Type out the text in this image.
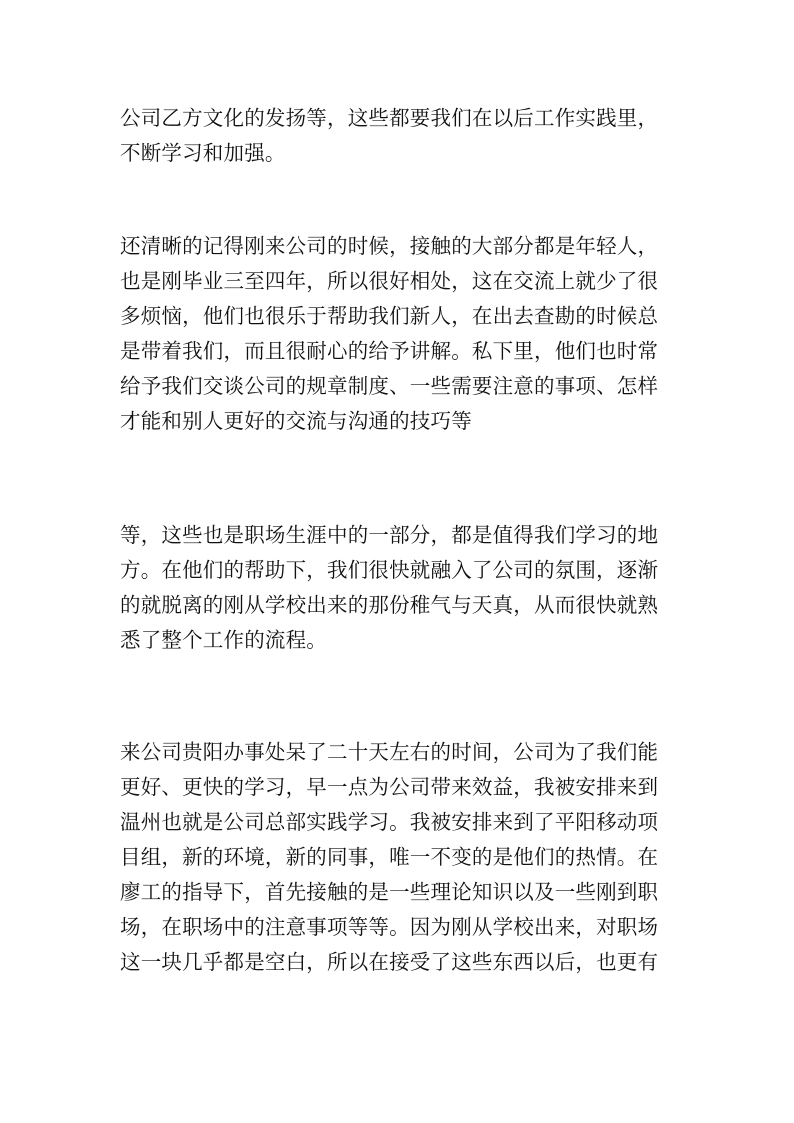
公司乙方文化的发扬等，这些都要我们在以后工作实践里，
不断学习和加强。
还清晰的记得刚来公司的时候，接触的大部分都是年轻人，
也是刚毕业三至四年，所以很好相处，这在交流上就少了很
多烦恼，他们也很乐于帮助我们新人，在出去查勘的时候总
是带着我们，而且很耐心的给予讲解。私下里，他们也时常
给予我们交谈公司的规章制度、一些需要注意的事项、怎样
才能和别人更好的交流与沟通的技巧等
等，这些也是职场生涯中的一部分，都是值得我们学习的地
方。在他们的帮助下，我们很快就融入了公司的氛围，逐渐
的就脱离的刚从学校出来的那份稚气与天真，从而很快就熟
悉了整个工作的流程。
来公司贵阳办事处呆了二十天左右的时间，公司为了我们能
更好、更快的学习，早一点为公司带来效益，我被安排来到
温州也就是公司总部实践学习。我被安排来到了平阳移动项
目组，新的环境，新的同事，唯一不变的是他们的热情。在
廖工的指导下，首先接触的是一些理论知识以及一些刚到职
场，在职场中的注意事项等等。因为刚从学校出来，对职场
这一块几乎都是空白，所以在接受了这些东西以后，也更有
